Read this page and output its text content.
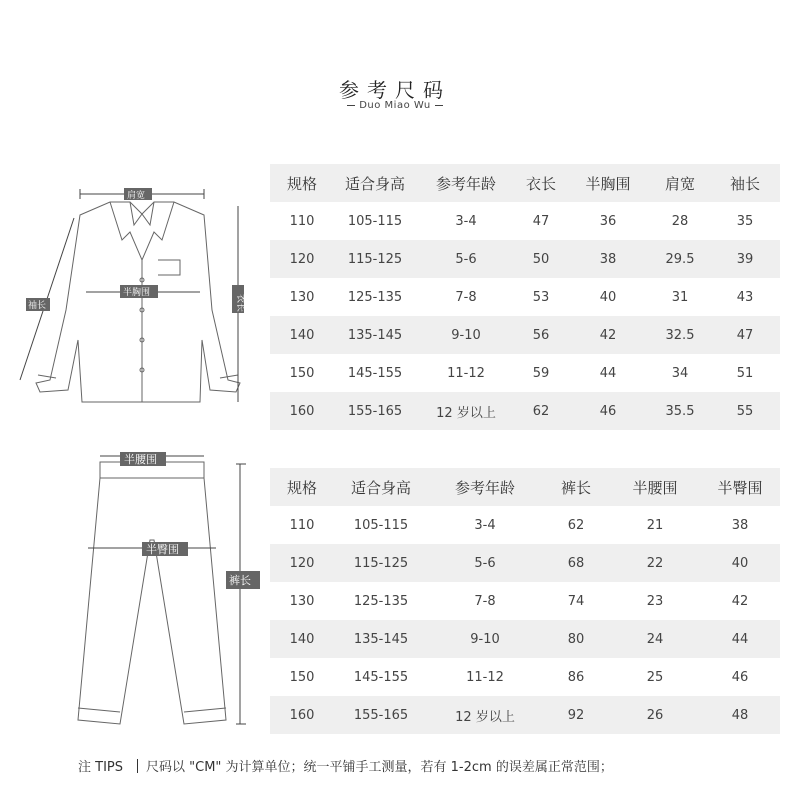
参考尺码
Duo Miao Wu
肩宽
半胸围
衣长
袖长
半腰围
半臀围
裤长
规格	适合身高	参考年龄	衣长	半胸围	肩宽	袖长
110	105-115	3-4	47	36	28	35
120	115-125	5-6	50	38	29.5	39
130	125-135	7-8	53	40	31	43
140	135-145	9-10	56	42	32.5	47
150	145-155	11-12	59	44	34	51
160	155-165	12 岁以上	62	46	35.5	55
规格	适合身高	参考年龄	裤长	半腰围	半臀围
110	105-115	3-4	62	21	38
120	115-125	5-6	68	22	40
130	125-135	7-8	74	23	42
140	135-145	9-10	80	24	44
150	145-155	11-12	86	25	46
160	155-165	12 岁以上	92	26	48
注 TIPS 尺码以 "CM" 为计算单位；统一平铺手工测量，若有 1-2cm 的误差属正常范围；
